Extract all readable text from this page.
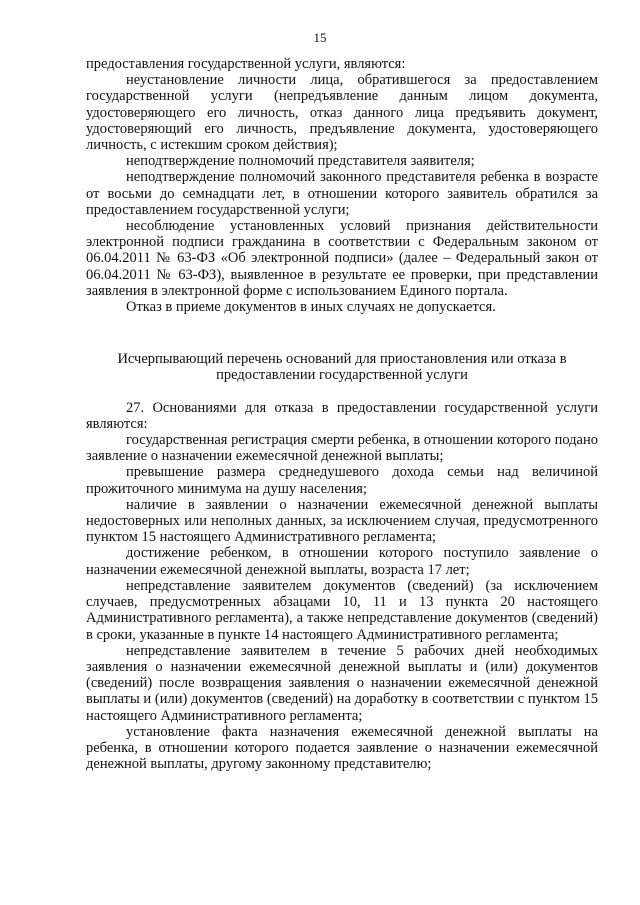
15

предоставления государственной услуги, являются:

неустановление личности лица, обратившегося за предоставлением государственной услуги (непредъявление данным лицом документа, удостоверяющего его личность, отказ данного лица предъявить документ, удостоверяющий его личность, предъявление документа, удостоверяющего личность, с истекшим сроком действия);

неподтверждение полномочий представителя заявителя;

неподтверждение полномочий законного представителя ребенка в возрасте от восьми до семнадцати лет, в отношении которого заявитель обратился за предоставлением государственной услуги;

несоблюдение установленных условий признания действительности электронной подписи гражданина в соответствии с Федеральным законом от 06.04.2011 № 63-ФЗ «Об электронной подписи» (далее – Федеральный закон от 06.04.2011 № 63-ФЗ), выявленное в результате ее проверки, при представлении заявления в электронной форме с использованием Единого портала.

Отказ в приеме документов в иных случаях не допускается.

Исчерпывающий перечень оснований для приостановления или отказа в предоставлении государственной услуги

27. Основаниями для отказа в предоставлении государственной услуги являются:

государственная регистрация смерти ребенка, в отношении которого подано заявление о назначении ежемесячной денежной выплаты;

превышение размера среднедушевого дохода семьи над величиной прожиточного минимума на душу населения;

наличие в заявлении о назначении ежемесячной денежной выплаты недостоверных или неполных данных, за исключением случая, предусмотренного пунктом 15 настоящего Административного регламента;

достижение ребенком, в отношении которого поступило заявление о назначении ежемесячной денежной выплаты, возраста 17 лет;

непредставление заявителем документов (сведений) (за исключением случаев, предусмотренных абзацами 10, 11 и 13 пункта 20 настоящего Административного регламента), а также непредставление документов (сведений) в сроки, указанные в пункте 14 настоящего Административного регламента;

непредставление заявителем в течение 5 рабочих дней необходимых заявления о назначении ежемесячной денежной выплаты и (или) документов (сведений) после возвращения заявления о назначении ежемесячной денежной выплаты и (или) документов (сведений) на доработку в соответствии с пунктом 15 настоящего Административного регламента;

установление факта назначения ежемесячной денежной выплаты на ребенка, в отношении которого подается заявление о назначении ежемесячной денежной выплаты, другому законному представителю;
